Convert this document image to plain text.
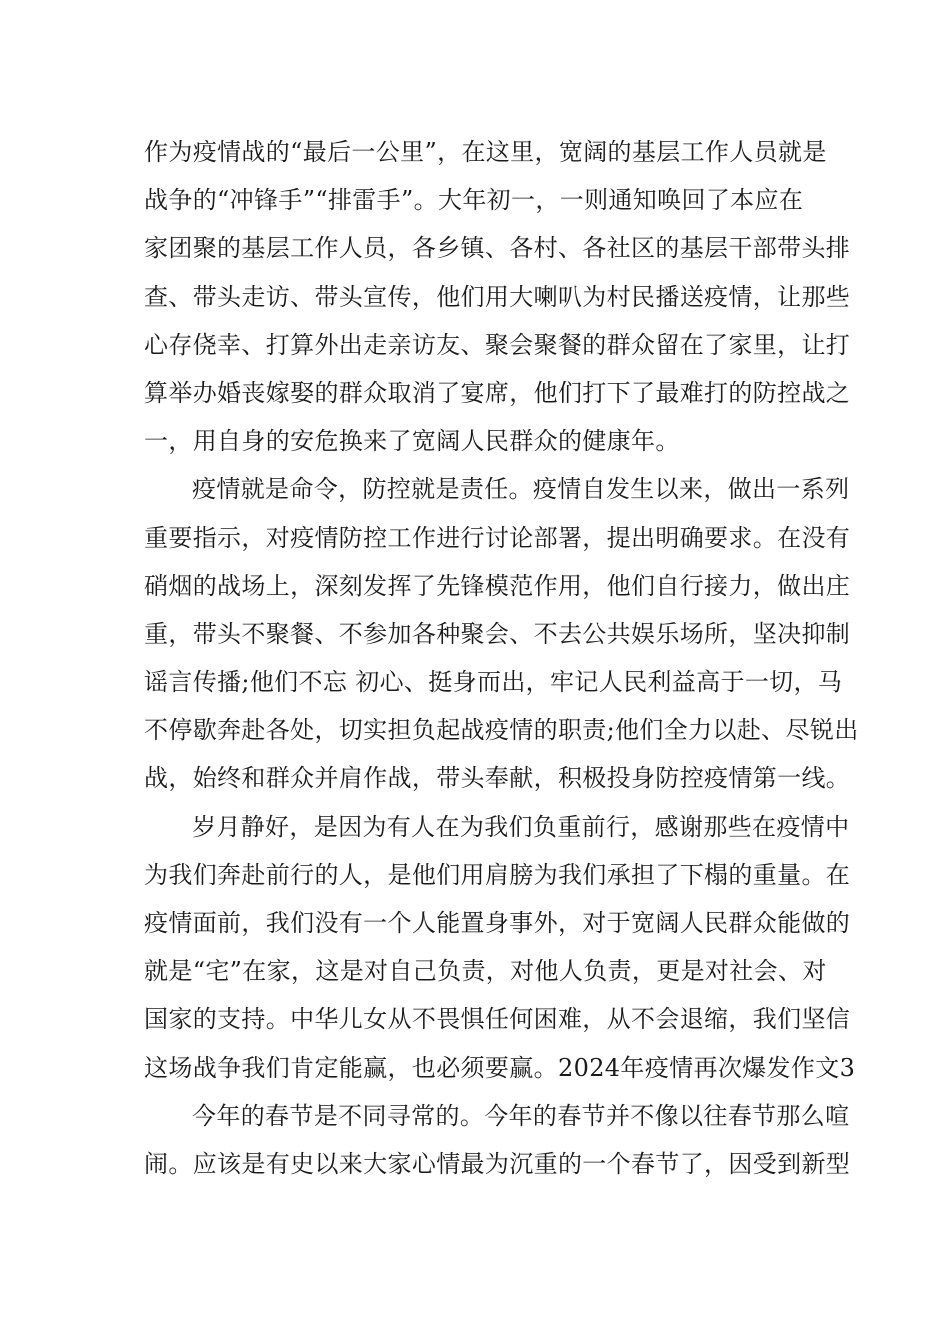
作为疫情战的“最后一公里”，在这里，宽阔的基层工作人员就是
战争的“冲锋手”“排雷手”。大年初一，一则通知唤回了本应在
家团聚的基层工作人员，各乡镇、各村、各社区的基层干部带头排
查、带头走访、带头宣传，他们用大喇叭为村民播送疫情，让那些
心存侥幸、打算外出走亲访友、聚会聚餐的群众留在了家里，让打
算举办婚丧嫁娶的群众取消了宴席，他们打下了最难打的防控战之
一，用自身的安危换来了宽阔人民群众的健康年。
疫情就是命令，防控就是责任。疫情自发生以来，做出一系列
重要指示，对疫情防控工作进行讨论部署，提出明确要求。在没有
硝烟的战场上，深刻发挥了先锋模范作用，他们自行接力，做出庄
重，带头不聚餐、不参加各种聚会、不去公共娱乐场所，坚决抑制
谣言传播;他们不忘 初心、挺身而出，牢记人民利益高于一切，马
不停歇奔赴各处，切实担负起战疫情的职责;他们全力以赴、尽锐出
战，始终和群众并肩作战，带头奉献，积极投身防控疫情第一线。
岁月静好，是因为有人在为我们负重前行，感谢那些在疫情中
为我们奔赴前行的人，是他们用肩膀为我们承担了下榻的重量。在
疫情面前，我们没有一个人能置身事外，对于宽阔人民群众能做的
就是“宅”在家，这是对自己负责，对他人负责，更是对社会、对
国家的支持。中华儿女从不畏惧任何困难，从不会退缩，我们坚信
这场战争我们肯定能赢，也必须要赢。2024年疫情再次爆发作文3
今年的春节是不同寻常的。今年的春节并不像以往春节那么喧
闹。应该是有史以来大家心情最为沉重的一个春节了，因受到新型
